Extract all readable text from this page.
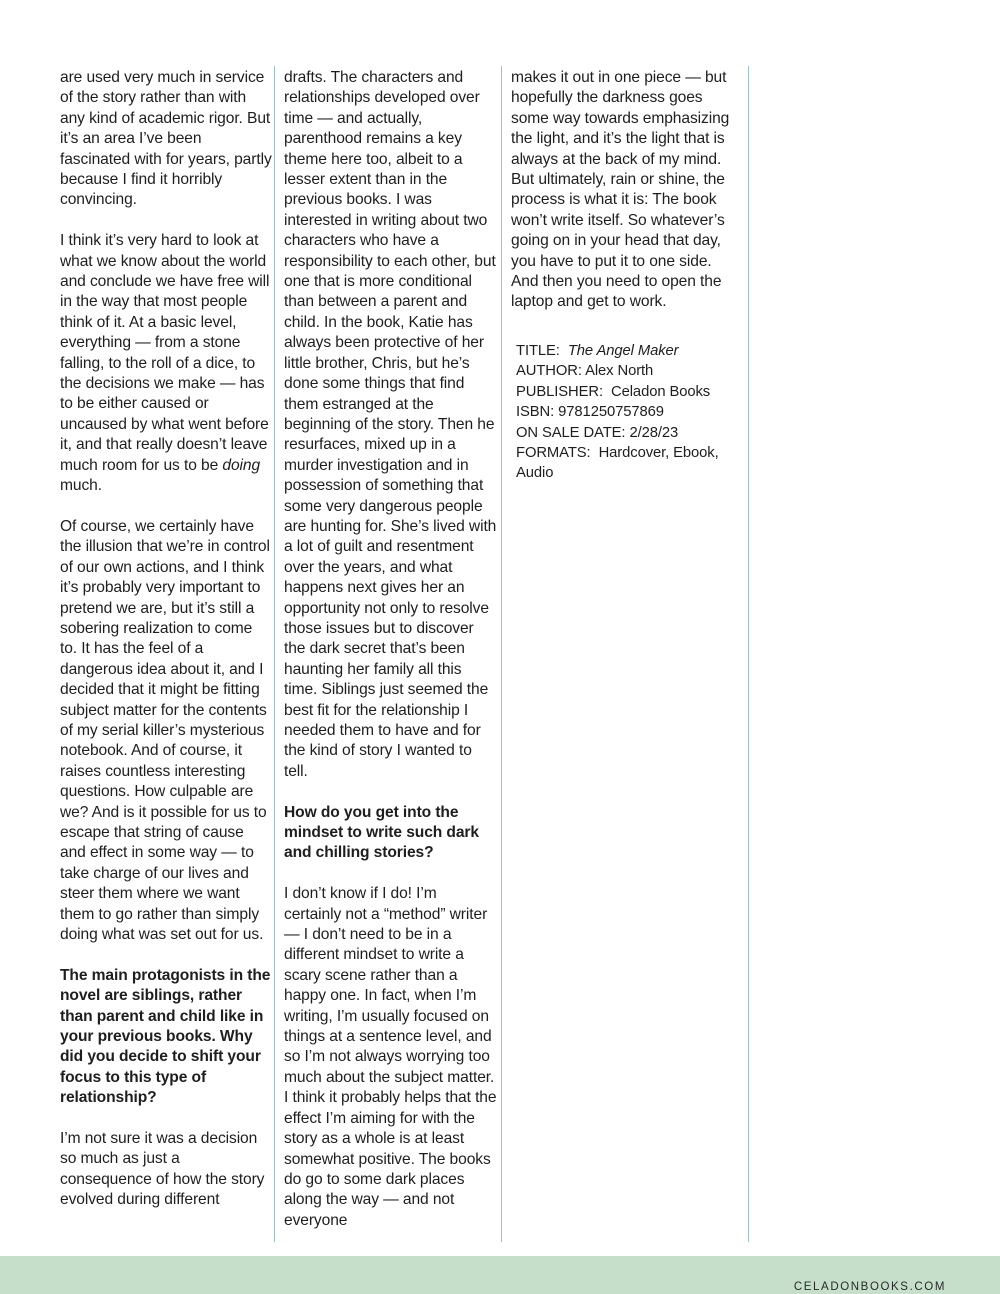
are used very much in service of the story rather than with any kind of academic rigor. But it’s an area I’ve been fascinated with for years, partly because I find it horribly convincing.

I think it’s very hard to look at what we know about the world and conclude we have free will in the way that most people think of it. At a basic level, everything — from a stone falling, to the roll of a dice, to the decisions we make — has to be either caused or uncaused by what went before it, and that really doesn’t leave much room for us to be doing much.

Of course, we certainly have the illusion that we’re in control of our own actions, and I think it’s probably very important to pretend we are, but it’s still a sobering realization to come to. It has the feel of a dangerous idea about it, and I decided that it might be fitting subject matter for the contents of my serial killer’s mysterious notebook. And of course, it raises countless interesting questions. How culpable are we? And is it possible for us to escape that string of cause and effect in some way — to take charge of our lives and steer them where we want them to go rather than simply doing what was set out for us.

The main protagonists in the novel are siblings, rather than parent and child like in your previous books. Why did you decide to shift your focus to this type of relationship?

I’m not sure it was a decision so much as just a consequence of how the story evolved during different

drafts. The characters and relationships developed over time — and actually, parenthood remains a key theme here too, albeit to a lesser extent than in the previous books. I was interested in writing about two characters who have a responsibility to each other, but one that is more conditional than between a parent and child. In the book, Katie has always been protective of her little brother, Chris, but he’s done some things that find them estranged at the beginning of the story. Then he resurfaces, mixed up in a murder investigation and in possession of something that some very dangerous people are hunting for. She’s lived with a lot of guilt and resentment over the years, and what happens next gives her an opportunity not only to resolve those issues but to discover the dark secret that’s been haunting her family all this time. Siblings just seemed the best fit for the relationship I needed them to have and for the kind of story I wanted to tell.

How do you get into the mindset to write such dark and chilling stories?

I don’t know if I do! I’m certainly not a “method” writer — I don’t need to be in a different mindset to write a scary scene rather than a happy one. In fact, when I’m writing, I’m usually focused on things at a sentence level, and so I’m not always worrying too much about the subject matter. I think it probably helps that the effect I’m aiming for with the story as a whole is at least somewhat positive. The books do go to some dark places along the way — and not everyone

makes it out in one piece — but hopefully the darkness goes some way towards emphasizing the light, and it’s the light that is always at the back of my mind. But ultimately, rain or shine, the process is what it is: The book won’t write itself. So whatever’s going on in your head that day, you have to put it to one side. And then you need to open the laptop and get to work.

TITLE: The Angel Maker
AUTHOR: Alex North
PUBLISHER: Celadon Books
ISBN: 9781250757869
ON SALE DATE: 2/28/23
FORMATS: Hardcover, Ebook, Audio
CELADONBOOKS.COM
